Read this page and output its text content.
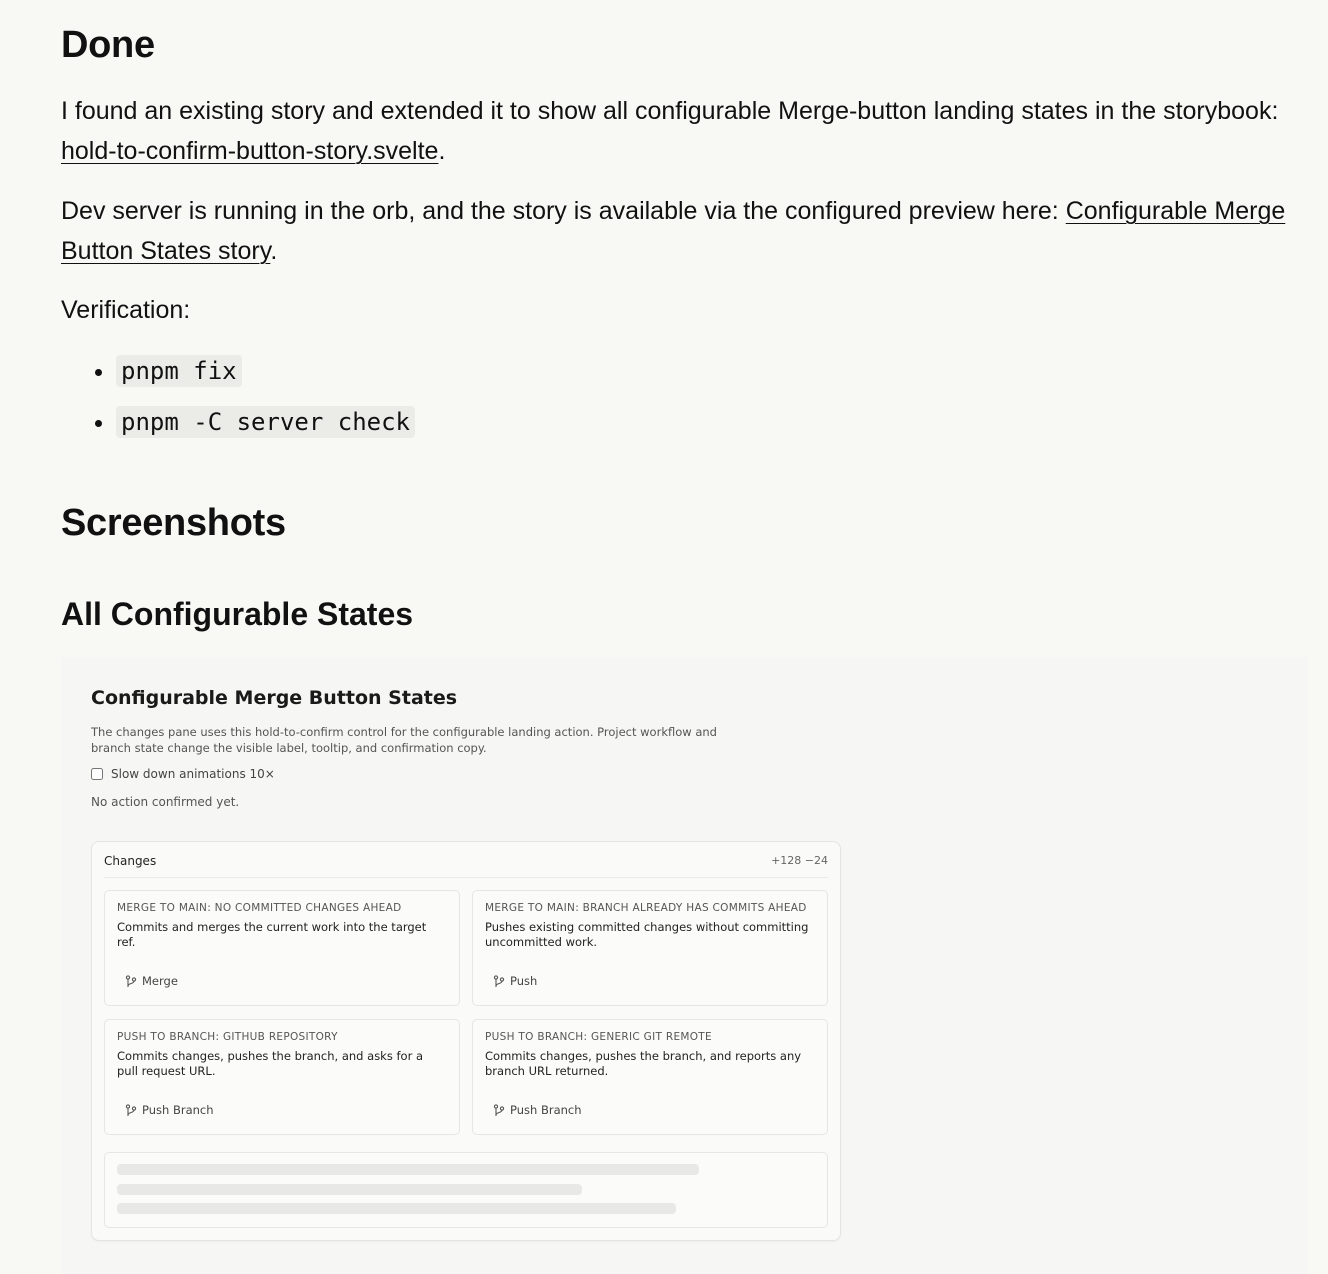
Done

I found an existing story and extended it to show all configurable Merge-button landing states in the storybook: hold-to-confirm-button-story.svelte.

Dev server is running in the orb, and the story is available via the configured preview here: Configurable Merge Button States story.

Verification:

• pnpm fix
• pnpm -C server check
Screenshots
All Configurable States
Configurable Merge Button States
The changes pane uses this hold-to-confirm control for the configurable landing action. Project workflow and branch state change the visible label, tooltip, and confirmation copy.
Slow down animations 10×
No action confirmed yet.
Changes	+128 −24
MERGE TO MAIN: NO COMMITTED CHANGES AHEAD
Commits and merges the current work into the target ref.
Merge
MERGE TO MAIN: BRANCH ALREADY HAS COMMITS AHEAD
Pushes existing committed changes without committing uncommitted work.
Push
PUSH TO BRANCH: GITHUB REPOSITORY
Commits changes, pushes the branch, and asks for a pull request URL.
Push Branch
PUSH TO BRANCH: GENERIC GIT REMOTE
Commits changes, pushes the branch, and reports any branch URL returned.
Push Branch
